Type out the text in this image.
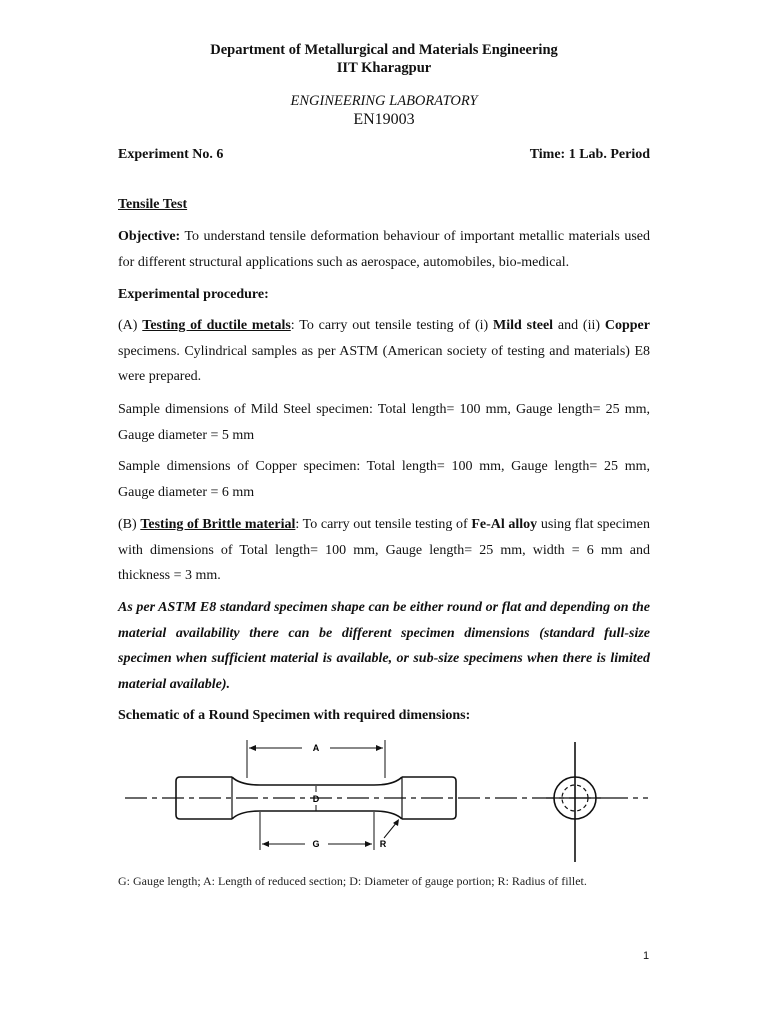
Department of Metallurgical and Materials Engineering
IIT Kharagpur
ENGINEERING LABORATORY
EN19003
Experiment No. 6	Time: 1 Lab. Period
Tensile Test
Objective: To understand tensile deformation behaviour of important metallic materials used for different structural applications such as aerospace, automobiles, bio-medical.
Experimental procedure:
(A) Testing of ductile metals: To carry out tensile testing of (i) Mild steel and (ii) Copper specimens. Cylindrical samples as per ASTM (American society of testing and materials) E8 were prepared.
Sample dimensions of Mild Steel specimen: Total length= 100 mm, Gauge length= 25 mm, Gauge diameter = 5 mm
Sample dimensions of Copper specimen: Total length= 100 mm, Gauge length= 25 mm, Gauge diameter = 6 mm
(B) Testing of Brittle material: To carry out tensile testing of Fe-Al alloy using flat specimen with dimensions of Total length= 100 mm, Gauge length= 25 mm, width = 6 mm and thickness = 3 mm.
As per ASTM E8 standard specimen shape can be either round or flat and depending on the material availability there can be different specimen dimensions (standard full-size specimen when sufficient material is available, or sub-size specimens when there is limited material available).
Schematic of a Round Specimen with required dimensions:
A
D
G	R
G: Gauge length; A: Length of reduced section; D: Diameter of gauge portion; R: Radius of fillet.
1
